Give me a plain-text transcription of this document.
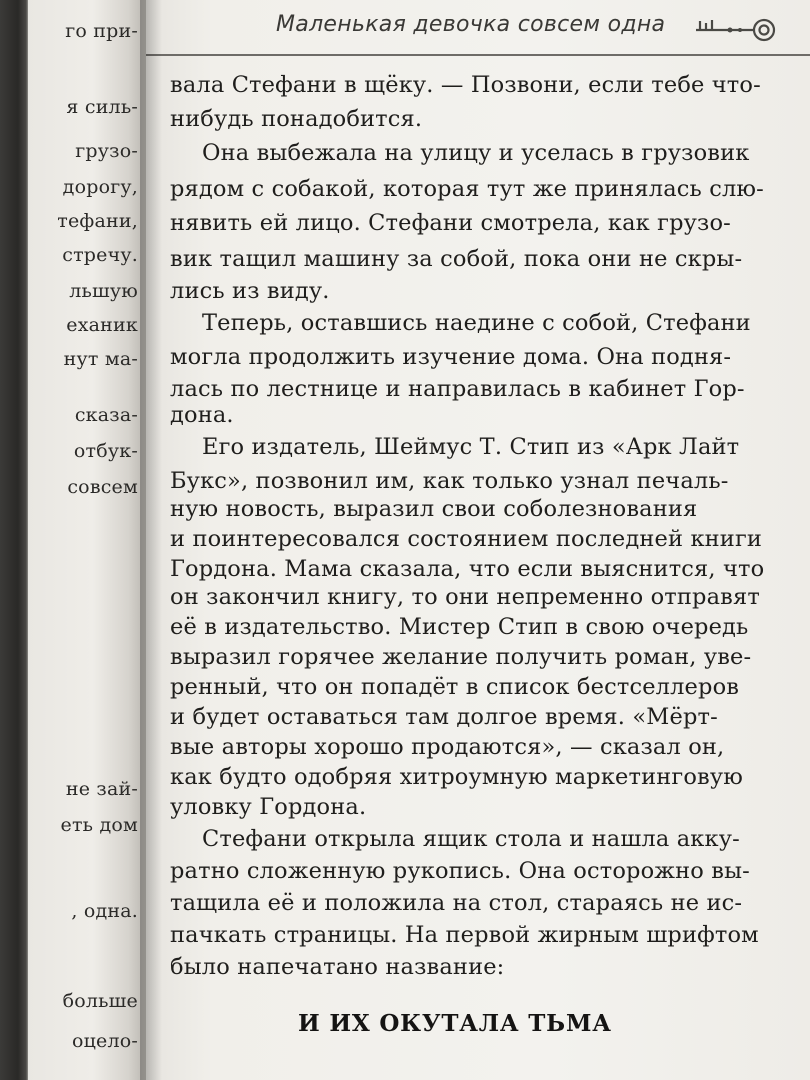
го при-
я силь-
грузо-
дорогу,
тефани,
стречу.
льшую
еханик
нут ма-
сказа-
отбук-
совсем
не зай-
еть дом
, одна.
больше
оцело-
Маленькая девочка совсем одна
вала Стефани в щёку. — Позвони, если тебе что-
нибудь понадобится.
Она выбежала на улицу и уселась в грузовик
рядом с собакой, которая тут же принялась слю-
нявить ей лицо. Стефани смотрела, как грузо-
вик тащил машину за собой, пока они не скры-
лись из виду.
Теперь, оставшись наедине с собой, Стефани
могла продолжить изучение дома. Она подня-
лась по лестнице и направилась в кабинет Гор-
дона.
Его издатель, Шеймус Т. Стип из «Арк Лайт
Букс», позвонил им, как только узнал печаль-
ную новость, выразил свои соболезнования
и поинтересовался состоянием последней книги
Гордона. Мама сказала, что если выяснится, что
он закончил книгу, то они непременно отправят
её в издательство. Мистер Стип в свою очередь
выразил горячее желание получить роман, уве-
ренный, что он попадёт в список бестселлеров
и будет оставаться там долгое время. «Мёрт-
вые авторы хорошо продаются», — сказал он,
как будто одобряя хитроумную маркетинговую
уловку Гордона.
Стефани открыла ящик стола и нашла акку-
ратно сложенную рукопись. Она осторожно вы-
тащила её и положила на стол, стараясь не ис-
пачкать страницы. На первой жирным шрифтом
было напечатано название:
И ИХ ОКУТАЛА ТЬМА
